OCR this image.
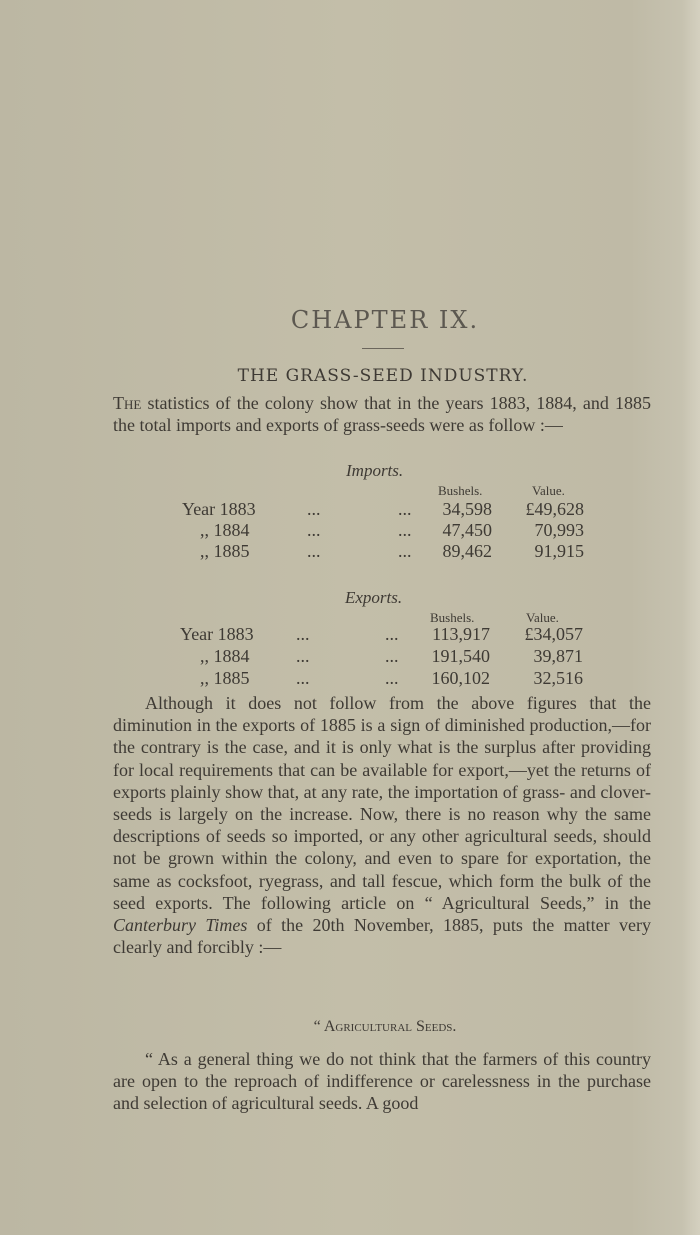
CHAPTER IX.
THE GRASS-SEED INDUSTRY.
The statistics of the colony show that in the years 1883, 1884, and 1885 the total imports and exports of grass-seeds were as follow :—
Imports.
Bushels.	Value.
Year 1883	...	...	34,598	£49,628
,, 1884	...	...	47,450	70,993
,, 1885	...	...	89,462	91,915
Exports.
Bushels.	Value.
Year 1883 ...	...	113,917	£34,057
,, 1884	...	...	191,540	39,871
,, 1885	...	...	160,102	32,516
Although it does not follow from the above figures that the diminution in the exports of 1885 is a sign of diminished production,—for the contrary is the case, and it is only what is the surplus after providing for local requirements that can be available for export,—yet the returns of exports plainly show that, at any rate, the importation of grass- and clover-seeds is largely on the increase. Now, there is no reason why the same descriptions of seeds so imported, or any other agricultural seeds, should not be grown within the colony, and even to spare for exportation, the same as cocksfoot, ryegrass, and tall fescue, which form the bulk of the seed exports. The following article on “ Agricultural Seeds,” in the Canterbury Times of the 20th November, 1885, puts the matter very clearly and forcibly :—
“ Agricultural Seeds.
“ As a general thing we do not think that the farmers of this country are open to the reproach of indifference or carelessness in the purchase and selection of agricultural seeds. A good
